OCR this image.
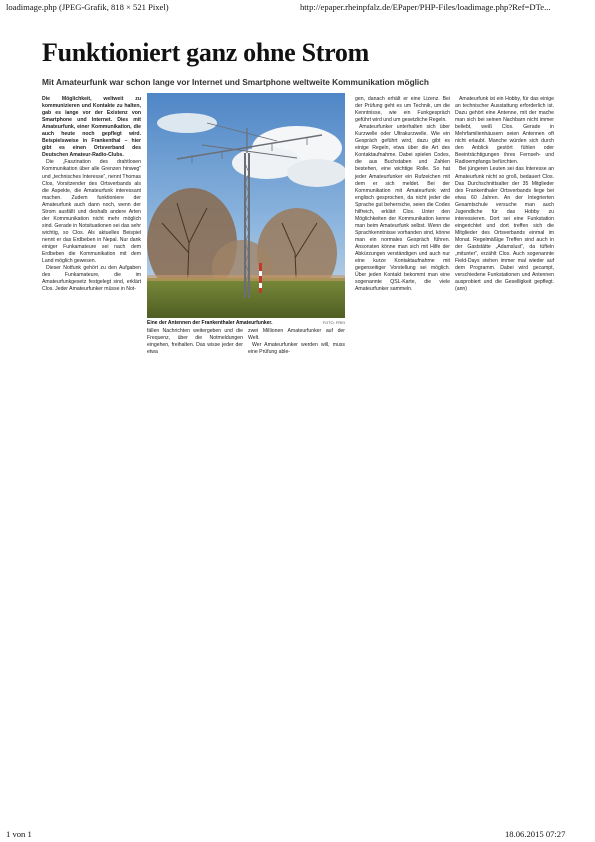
loadimage.php (JPEG-Grafik, 818 × 521 Pixel)	http://epaper.rheinpfalz.de/EPaper/PHP-Files/loadimage.php?Ref=DTe...
Funktioniert ganz ohne Strom
Mit Amateurfunk war schon lange vor Internet und Smartphone weltweite Kommunikation möglich

Die Möglichkeit, weltweit zu kommunizieren und Kontakte zu halten, gab es lange vor der Existenz von Smartphone und Internet. Dies mit Amateurfunk, einer Kommunikation, die auch heute noch gepflegt wird. Beispielsweise in Frankenthal – hier gibt es einen Ortsverband des Deutschen Amateur-Radio-Clubs.

Die „Faszination des drahtlosen Kommunikation über alle Grenzen hinweg“ und „technisches Interesse“, nennt Thomas Clos, Vorsitzender des Ortsverbands als die Aspekte, die Amateurfunk interessant machen. Zudem funktioniere der Amateurfunk auch dann noch, wenn der Strom ausfällt und deshalb andere Arten der Kommunikation nicht mehr möglich sind. Gerade in Notsituationen sei das sehr wichtig, so Clos. Als aktuelles Beispiel nennt er das Erdbeben in Nepal. Nur dank einiger Funkamateure sei nach dem Erdbeben die Kommunikation mit dem Land möglich gewesen.

Dieser Notfunk gehört zu den Aufgaben des Funkamateure, die im Amateurfunkgesetz festgelegt sind, erklärt Clos. Jeder Amateurfunker müsse in Not-

Eine der Antennen der Frankenthaler Amateurfunker.	FOTO: FREI

fällen Nachrichten weitergeben und die Frequenz, über die Notmeldungen eingehen, freihalten. Das wisse jeder der etwa

zwei Millionen Amateurfunker auf der Welt.

Wer Amateurfunker werden will, muss eine Prüfung able-

gen, danach erhält er eine Lizenz. Bei der Prüfung geht es um Technik, um die Kenntnisse, wie ein Funkgespräch geführt wird und um gesetzliche Regeln.

Amateurfunker unterhalten sich über Kurzwelle oder Ultrakurzwelle. Wie ein Gespräch geführt wird, dazu gibt es einige Regeln, etwa über die Art des Kontaktaufnahme. Dabei spielen Codes, die aus Buchstaben und Zahlen bestehen, eine wichtige Rolle. So hat jeder Amateurfunker ein Rufzeichen mit dem er sich meldet. Bei der Kommunikation mit Amateurfunk wird englisch gesprochen, da nicht jeder die Sprache gut beherrsche, seien die Codes hilfreich, erklärt Clos. Unter den Möglichkeiten der Kommunikation kenne man beim Amateurfunk selbst. Wenn die Sprachkenntnisse vorhanden sind, könne man ein normales Gespräch führen. Ansonsten könne man sich mit Hilfe der Abkürzungen verständigen und auch nur eine kurze Kontaktaufnahme mit gegenseitiger Vorstellung sei möglich. Über jeden Kontakt bekommt man eine sogenannte QSL-Karte, die viele Amateurfunker sammeln.

Amateurfunk ist ein Hobby, für das einige an technischer Ausstattung erforderlich ist. Dazu gehört eine Antenne, mit der mache man sich bei seinen Nachbarn nicht immer beliebt, weiß Clos. Gerade in Mehrfamilienhäusern seien Antennen oft nicht erlaubt. Manche würden sich durch den Anblick gestört fühlen oder Beeinträchtigungen ihres Fernseh- und Radioempfangs befürchten.

Bei jüngeren Leuten sei das Interesse an Amateurfunk nicht so groß, bedauert Clos. Das Durchschnittsalter der 35 Mitglieder des Frankenthaler Ortsverbands liege bei etwa 60 Jahren. An der Integrierten Gesamtschule versuche man auch Jugendliche für das Hobby zu interessieren. Dort sei eine Funkstation eingerichtet und dort treffen sich die Mitglieder des Ortsverbands einmal im Monat. Regelmäßige Treffen sind auch in der Gaststätte „Adamslust“, da tüfteln „mitunter“, erzählt Clos. Auch sogenannte Field-Days stehen immer mal wieder auf dem Programm. Dabei wird gecampt, verschiedene Funkstationen und Antennen ausprobiert und die Geselligkeit gepflegt. (ann)

1 von 1	18.06.2015 07:27
